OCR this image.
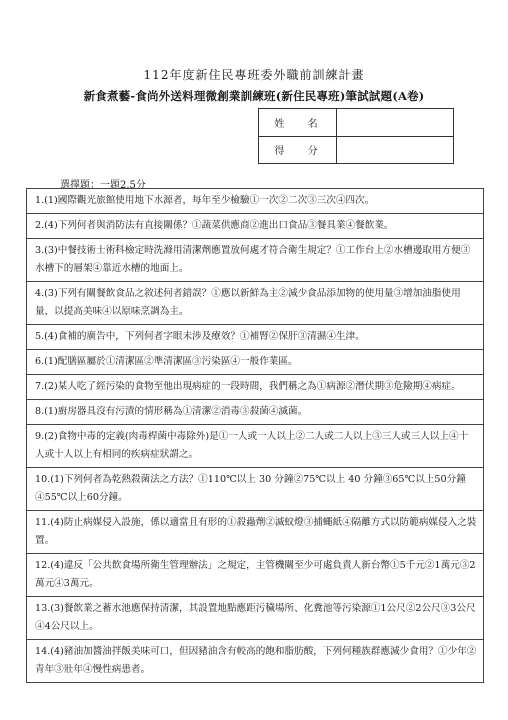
112年度新住民專班委外職前訓練計畫
新食煮藝-食尚外送料理微創業訓練班(新住民專班)筆試試題(A卷)
姓 名	
得 分	
選擇題：一題2.5分
1.(1)國際觀光旅館使用地下水源者，每年至少檢驗①一次②二次③三次④四次。
2.(4)下列何者與消防法有直接關係？①蔬菜供應商②進出口食品③餐具業④餐飲業。
3.(3)中餐技術士術科檢定時洗滌用清潔劑應置放何處才符合衛生規定？①工作台上②水槽邊取用方便③水槽下的層架④靠近水槽的地面上。
4.(3)下列有關餐飲食品之敘述何者錯誤？①應以新鮮為主②減少食品添加物的使用量③增加油脂使用量，以提高美味④以原味烹調為主。
5.(4)食補的廣告中，下列何者字眼未涉及療效？①補腎②保肝③清濕④生津。
6.(1)配膳區屬於①清潔區②準清潔區③污染區④一般作業區。
7.(2)某人吃了經污染的食物至他出現病症的一段時間，我們稱之為①病源②潛伏期③危險期④病症。
8.(1)廚房器具沒有污漬的情形稱為①清潔②消毒③殺菌④滅菌。
9.(2)食物中毒的定義(肉毒桿菌中毒除外)是①一人或一人以上②二人或二人以上③三人或三人以上④十人或十人以上有相同的疾病症狀謂之。
10.(1)下列何者為乾熱殺菌法之方法？①110℃以上 30 分鐘②75℃以上 40 分鐘③65℃以上50分鐘④55℃以上60分鐘。
11.(4)防止病媒侵入設施，係以適當且有形的①殺蟲劑②滅蚊燈③捕蠅紙④隔離方式以防範病媒侵入之裝置。
12.(4)違反「公共飲食場所衛生管理辦法」之規定，主管機關至少可處負責人新台幣①5千元②1萬元③2萬元④3萬元。
13.(3)餐飲業之蓄水池應保持清潔，其設置地點應距污穢場所、化糞池等污染源①1公尺②2公尺③3公尺④4公尺以上。
14.(4)豬油加醬油拌飯美味可口，但因豬油含有較高的飽和脂肪酸，下列何種族群應減少食用？①少年②青年③壯年④慢性病患者。
